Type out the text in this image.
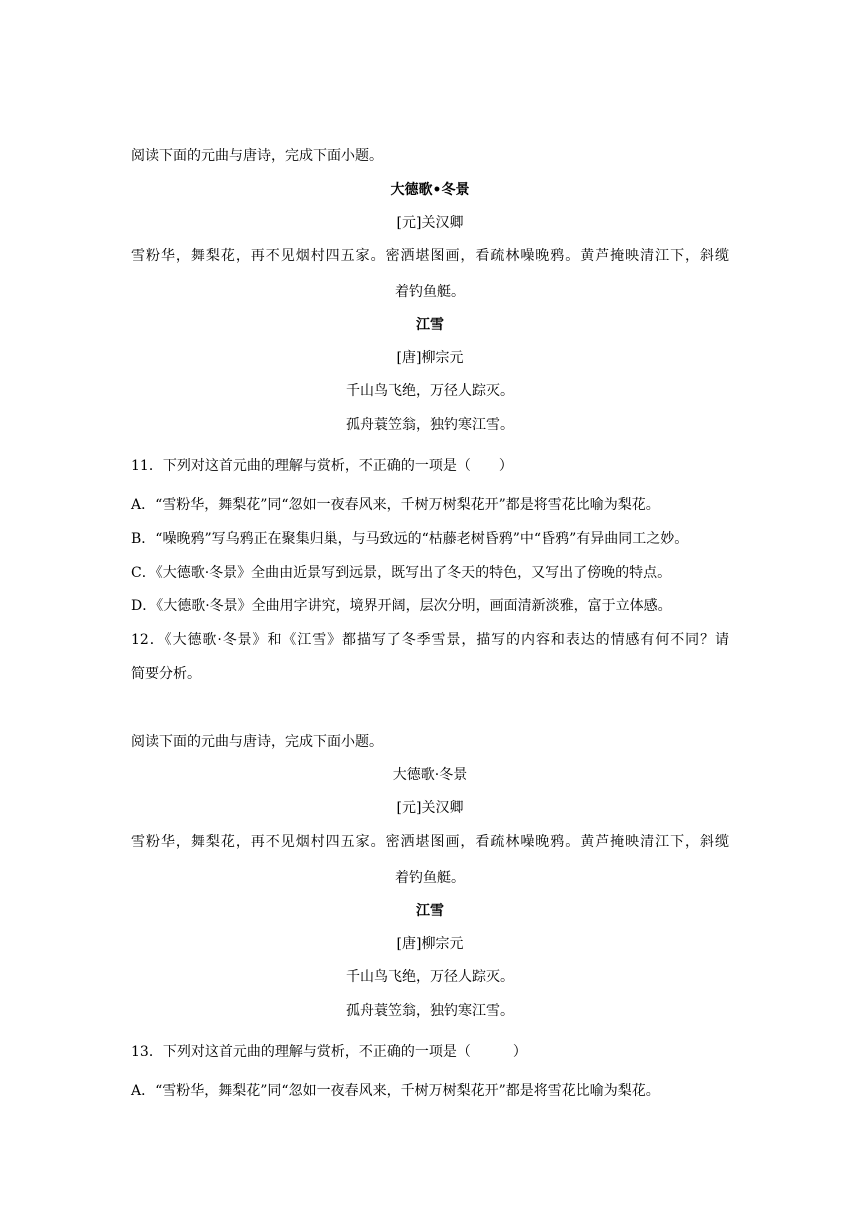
阅读下面的元曲与唐诗，完成下面小题。
大德歌•冬景
[元]关汉卿
雪粉华，舞梨花，再不见烟村四五家。密洒堪图画，看疏林噪晚鸦。黄芦掩映清江下，斜缆
着钓鱼艇。
江雪
[唐]柳宗元
千山鸟飞绝，万径人踪灭。
孤舟蓑笠翁，独钓寒江雪。
11．下列对这首元曲的理解与赏析，不正确的一项是（　　）
A．“雪粉华，舞梨花”同“忽如一夜春风来，千树万树梨花开”都是将雪花比喻为梨花。
B．“噪晚鸦”写乌鸦正在聚集归巢，与马致远的“枯藤老树昏鸦”中“昏鸦”有异曲同工之妙。
C．《大德歌·冬景》全曲由近景写到远景，既写出了冬天的特色，又写出了傍晚的特点。
D．《大德歌·冬景》全曲用字讲究，境界开阔，层次分明，画面清新淡雅，富于立体感。
12．《大德歌·冬景》和《江雪》都描写了冬季雪景，描写的内容和表达的情感有何不同？请
简要分析。
阅读下面的元曲与唐诗，完成下面小题。
大德歌·冬景
[元]关汉卿
雪粉华，舞梨花，再不见烟村四五家。密洒堪图画，看疏林噪晚鸦。黄芦掩映清江下，斜缆
着钓鱼艇。
江雪
[唐]柳宗元
千山鸟飞绝，万径人踪灭。
孤舟蓑笠翁，独钓寒江雪。
13．下列对这首元曲的理解与赏析，不正确的一项是（　　　）
A．“雪粉华，舞梨花”同“忽如一夜春风来，千树万树梨花开”都是将雪花比喻为梨花。
